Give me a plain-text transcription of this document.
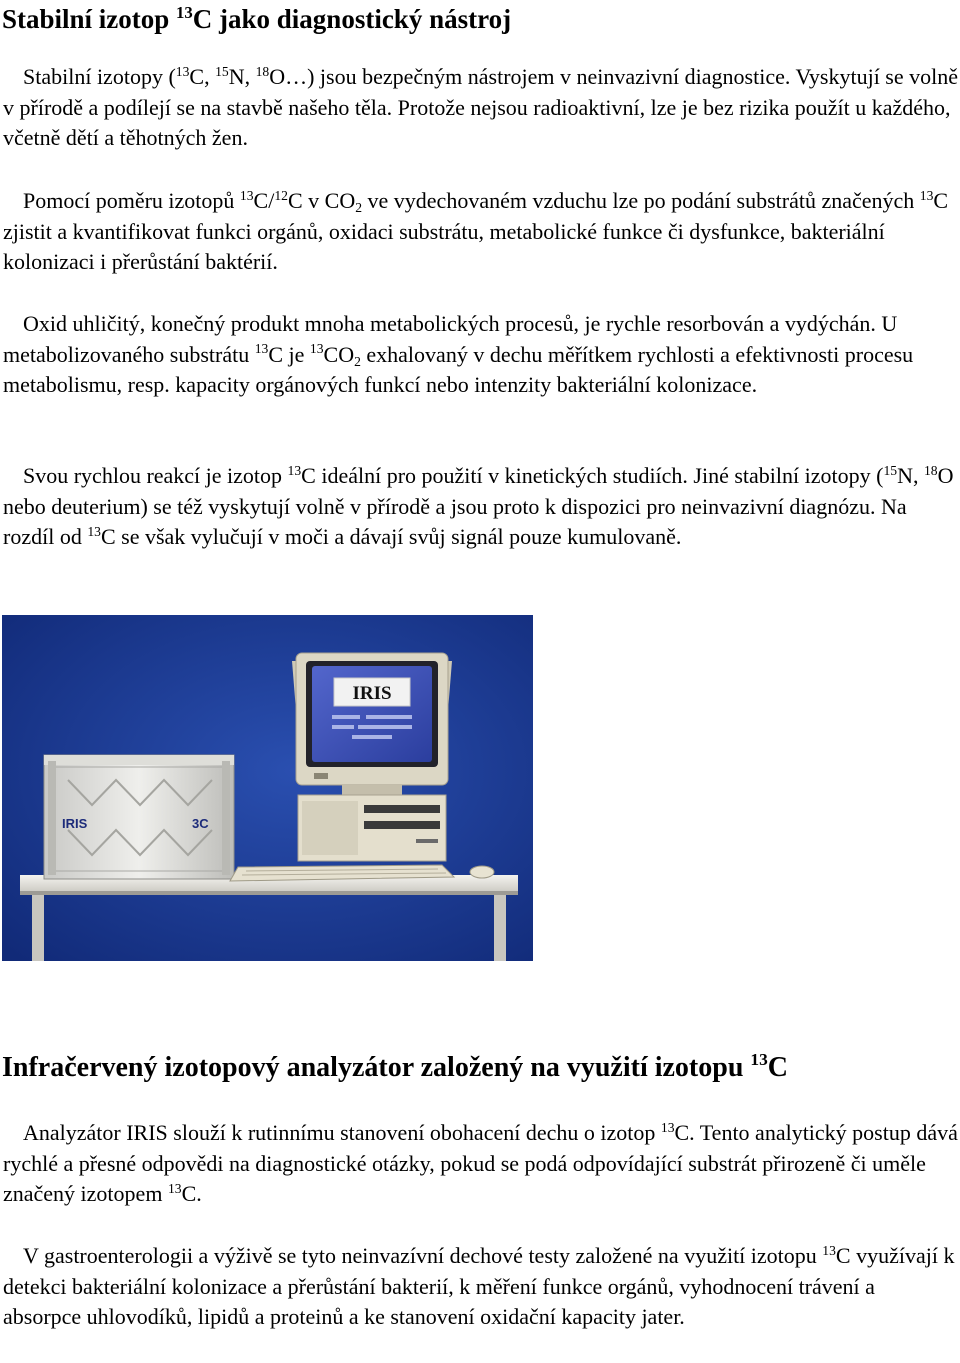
Stabilní izotop $^{13}$C jako diagnostický nástroj

Stabilní izotopy ($^{13}$C, $^{15}$N, $^{18}$O…) jsou bezpečným nástrojem v neinvazivní diagnostice. Vyskytují se volně v přírodě a podílejí se na stavbě našeho těla. Protože nejsou radioaktivní, lze je bez rizika použít u každého, včetně dětí a těhotných žen.

Pomocí poměru izotopů $^{13}$C/$^{12}$C v $CO_2$ ve vydechovaném vzduchu lze po podání substrátů značených $^{13}$C zjistit a kvantifikovat funkci orgánů, oxidaci substrátu, metabolické funkce či dysfunkce, bakteriální kolonizaci i přerůstání baktérií.

Oxid uhličitý, konečný produkt mnoha metabolických procesů, je rychle resorbován a vydýchán. U metabolizovaného substrátu $^{13}$C je $^{13}CO_2$ exhalovaný v dechu měřítkem rychlosti a efektivnosti procesu metabolismu, resp. kapacity orgánových funkcí nebo intenzity bakteriální kolonizace.

Svou rychlou reakcí je izotop $^{13}$C ideální pro použití v kinetických studiích. Jiné stabilní izotopy ($^{15}$N, $^{18}$O nebo deuterium) se též vyskytují volně v přírodě a jsou proto k dispozici pro neinvazivní diagnózu. Na rozdíl od $^{13}$C se však vylučují v moči a dávají svůj signál pouze kumulovaně.

IRIS	3C
IRIS
Infračervený izotopový analyzátor založený na využití izotopu $^{13}$C

Analyzátor IRIS slouží k rutinnímu stanovení obohacení dechu o izotop $^{13}$C. Tento analytický postup dává rychlé a přesné odpovědi na diagnostické otázky, pokud se podá odpovídající substrát přirozeně či uměle značený izotopem $^{13}$C.

V gastroenterologii a výživě se tyto neinvazívní dechové testy založené na využití izotopu $^{13}$C využívají k detekci bakteriální kolonizace a přerůstání bakterií, k měření funkce orgánů, vyhodnocení trávení a absorpce uhlovodíků, lipidů a proteinů a ke stanovení oxidační kapacity jater.
